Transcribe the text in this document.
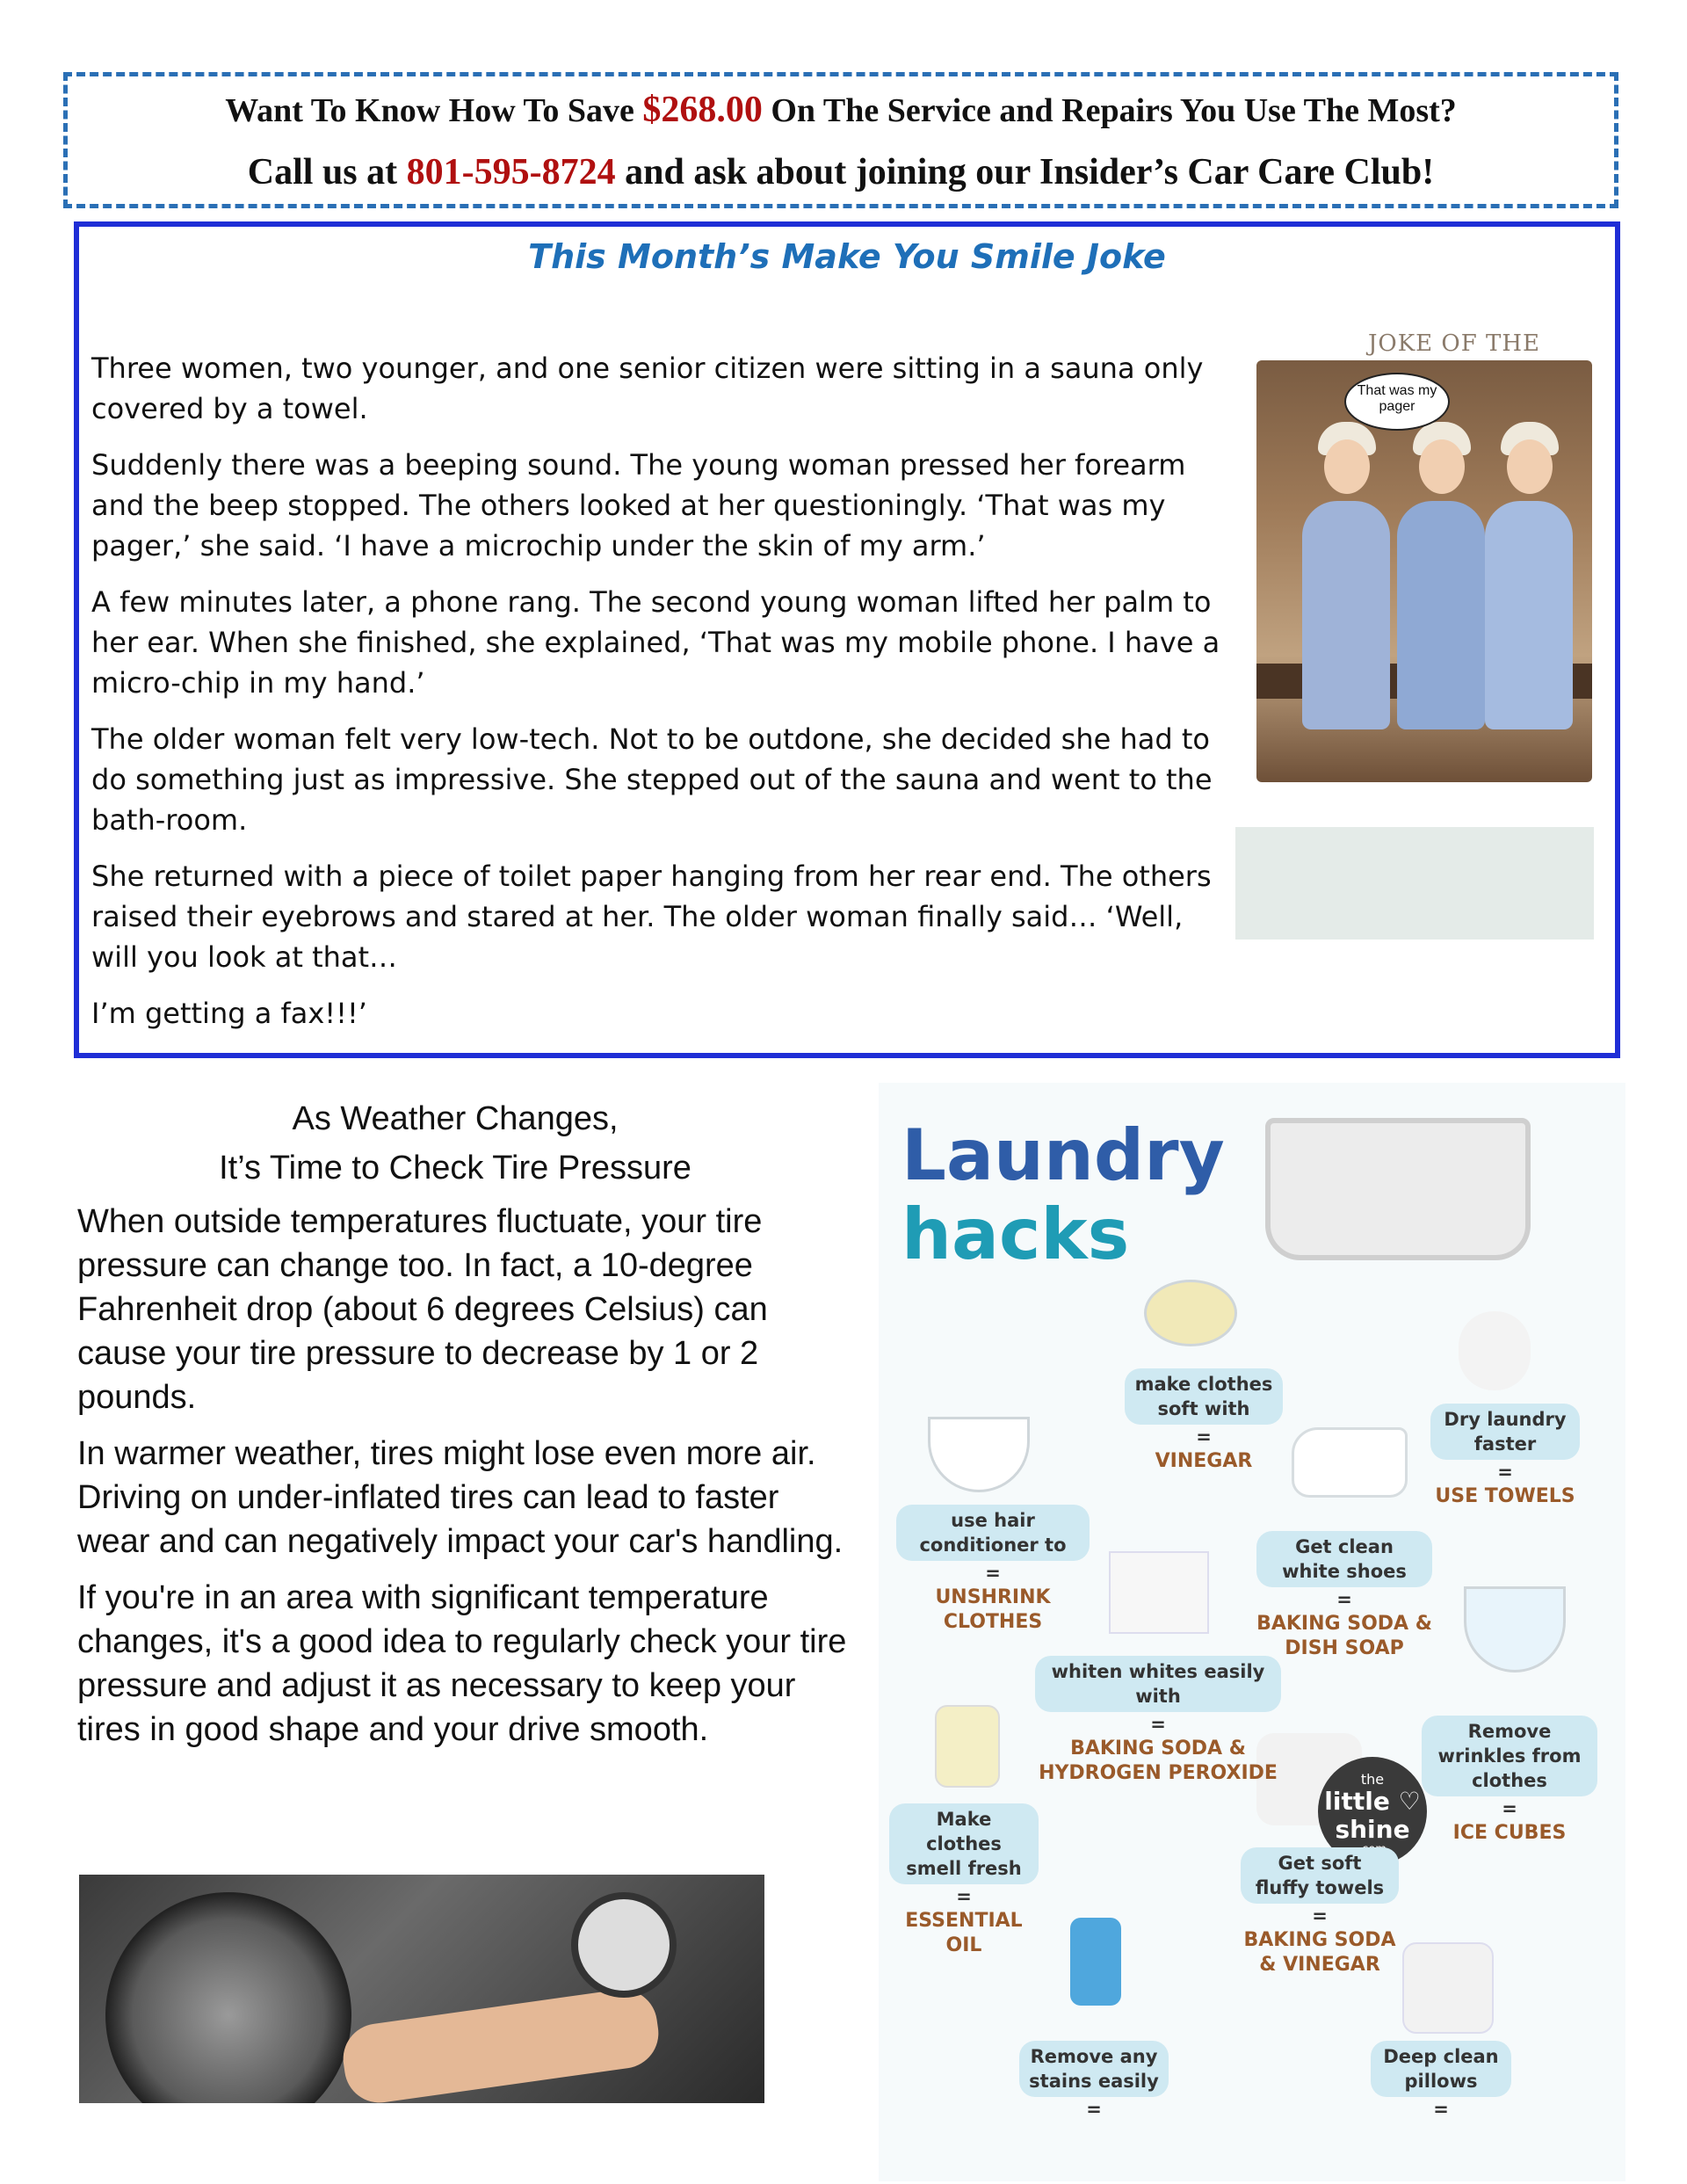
Want To Know How To Save $268.00 On The Service and Repairs You Use The Most?
Call us at 801-595-8724 and ask about joining our Insider’s Car Care Club!
This Month’s Make You Smile Joke

Three women, two younger, and one senior citizen were sitting in a sauna only covered by a towel.

Suddenly there was a beeping sound. The young woman pressed her forearm and the beep stopped. The others looked at her questioningly. ‘That was my pager,’ she said. ‘I have a microchip under the skin of my arm.’

A few minutes later, a phone rang. The second young woman lifted her palm to her ear. When she finished, she explained, ‘That was my mobile phone. I have a micro-chip in my hand.’

The older woman felt very low-tech. Not to be outdone, she decided she had to do something just as impressive. She stepped out of the sauna and went to the bath-room.

She returned with a piece of toilet paper hanging from her rear end. The others raised their eyebrows and stared at her. The older woman finally said… ‘Well, will you look at that…

I’m getting a fax!!!’

JOKE OF THE
That was my pager
As Weather Changes,
It’s Time to Check Tire Pressure

When outside temperatures fluctuate, your tire pressure can change too. In fact, a 10-degree Fahrenheit drop (about 6 degrees Celsius) can cause your tire pressure to decrease by 1 or 2 pounds.

In warmer weather, tires might lose even more air. Driving on under-inflated tires can lead to faster wear and can negatively impact your car's handling.

If you're in an area with significant temperature changes, it's a good idea to regularly check your tire pressure and adjust it as necessary to keep your tires in good shape and your drive smooth.

Laundry
hacks
the
little ♡
shine
make clothes soft with
=
VINEGAR
Dry laundry faster
=
USE TOWELS
use hair conditioner to
=
UNSHRINK CLOTHES
Get clean white shoes
=
BAKING SODA & DISH SOAP
whiten whites easily with
=
BAKING SODA & HYDROGEN PEROXIDE
Remove wrinkles from clothes
=
ICE CUBES
Make clothes smell fresh
=
ESSENTIAL OIL
Get soft fluffy towels
=
BAKING SODA & VINEGAR
Remove any stains easily
=
Deep clean pillows
=
